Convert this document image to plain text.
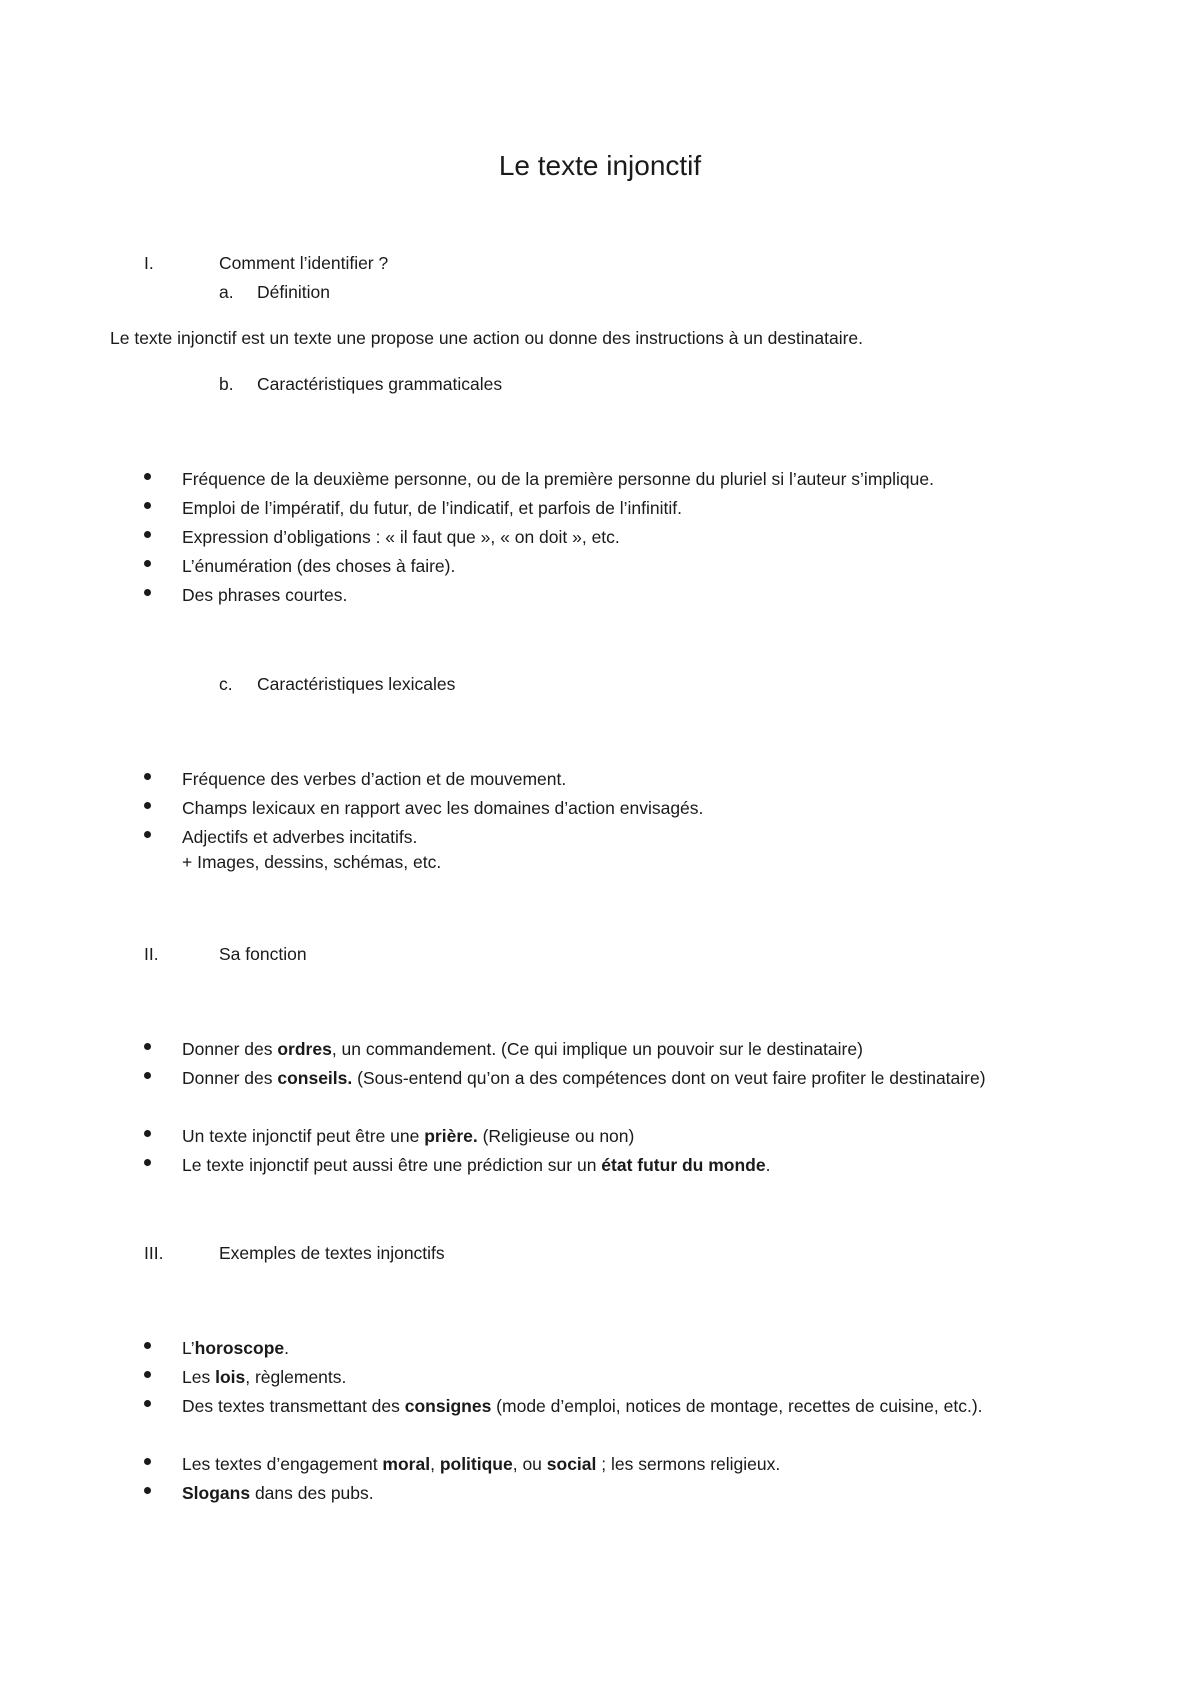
Le texte injonctif
I.	Comment l’identifier ?
a. Définition
Le texte injonctif est un texte une propose une action ou donne des instructions à un destinataire.
b. Caractéristiques grammaticales
Fréquence de la deuxième personne, ou de la première personne du pluriel si l’auteur s’implique.
Emploi de l’impératif, du futur, de l’indicatif, et parfois de l’infinitif.
Expression d’obligations : « il faut que », « on doit », etc.
L’énumération (des choses à faire).
Des phrases courtes.
c. Caractéristiques lexicales
Fréquence des verbes d’action et de mouvement.
Champs lexicaux en rapport avec les domaines d’action envisagés.
Adjectifs et adverbes incitatifs.
+ Images, dessins, schémas, etc.
II.	Sa fonction
Donner des ordres, un commandement. (Ce qui implique un pouvoir sur le destinataire)
Donner des conseils. (Sous-entend qu’on a des compétences dont on veut faire profiter le destinataire)
Un texte injonctif peut être une prière. (Religieuse ou non)
Le texte injonctif peut aussi être une prédiction sur un état futur du monde.
III.	Exemples de textes injonctifs
L’horoscope.
Les lois, règlements.
Des textes transmettant des consignes (mode d’emploi, notices de montage, recettes de cuisine, etc.).
Les textes d’engagement moral, politique, ou social ; les sermons religieux.
Slogans dans des pubs.
